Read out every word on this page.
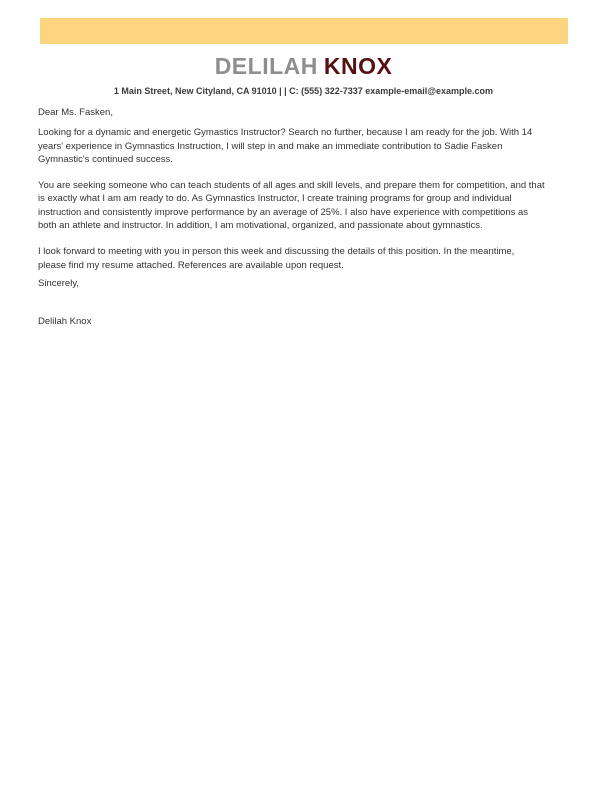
DELILAH KNOX
1 Main Street, New Cityland, CA 91010 | | C: (555) 322-7337 example-email@example.com
Dear Ms. Fasken,
Looking for a dynamic and energetic Gymastics Instructor? Search no further, because I am ready for the job. With 14
years' experience in Gymnastics Instruction, I will step in and make an immediate contribution to Sadie Fasken
Gymnastic's continued success.
You are seeking someone who can teach students of all ages and skill levels, and prepare them for competition, and that
is exactly what I am am ready to do. As Gymnastics Instructor, I create training programs for group and individual
instruction and consistently improve performance by an average of 25%. I also have experience with competitions as
both an athlete and instructor. In addition, I am motivational, organized, and passionate about gymnastics.
I look forward to meeting with you in person this week and discussing the details of this position. In the meantime,
please find my resume attached. References are available upon request.
Sincerely,
Delilah Knox
